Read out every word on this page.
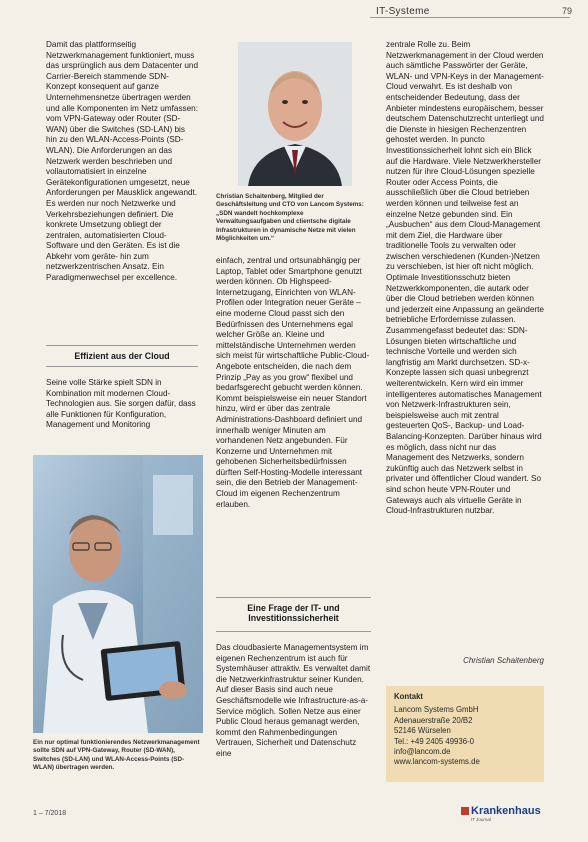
IT-Systeme	79

Damit das plattformseitig Netzwerkmanagement funktioniert, muss das ursprünglich aus dem Datacenter und Carrier-Bereich stammende SDN-Konzept konsequent auf ganze Unternehmensnetze übertragen werden und alle Komponenten im Netz umfassen: vom VPN-Gateway oder Router (SD-WAN) über die Switches (SD-LAN) bis hin zu den WLAN-Access-Points (SD-WLAN). Die Anforderungen an das Netzwerk werden beschrieben und vollautomatisiert in einzelne Gerätekonfigurationen umgesetzt, neue Anforderungen per Mausklick angewandt. Es werden nur noch Netzwerke und Verkehrsbeziehungen definiert. Die konkrete Umsetzung obliegt der zentralen, automatisierten Cloud-Software und den Geräten. Es ist die Abkehr vom geräte- hin zum netzwerkzentrischen Ansatz. Ein Paradigmenwechsel per excellence.

Effizient aus der Cloud

Seine volle Stärke spielt SDN in Kombination mit modernen Cloud-Technologien aus. Sie sorgen dafür, dass alle Funktionen für Konfiguration, Management und Monitoring

Ein nur optimal funktionierendes Netzwerkmanagement sollte SDN auf VPN-Gateway, Router (SD-WAN), Switches (SD-LAN) und WLAN-Access-Points (SD-WLAN) übertragen werden.
Christian Schaitenberg, Mitglied der Geschäftsleitung und CTO von Lancom Systems: „SDN wandelt hochkomplexe Verwaltungsaufgaben und clientsche digitale Infrastrukturen in dynamische Netze mit vielen Möglichkeiten um.“

einfach, zentral und ortsunabhängig per Laptop, Tablet oder Smartphone genutzt werden können. Ob Highspeed-Internetzugang, Einrichten von WLAN-Profilen oder Integration neuer Geräte – eine moderne Cloud passt sich den Bedürfnissen des Unternehmens egal welcher Größe an. Kleine und mittelständische Unternehmen werden sich meist für wirtschaftliche Public-Cloud-Angebote entscheiden, die nach dem Prinzip „Pay as you grow“ flexibel und bedarfsgerecht gebucht werden können. Kommt beispielsweise ein neuer Standort hinzu, wird er über das zentrale Administrations-Dashboard definiert und innerhalb weniger Minuten am vorhandenen Netz angebunden. Für Konzerne und Unternehmen mit gehobenen Sicherheitsbedürfnissen dürften Self-Hosting-Modelle interessant sein, die den Betrieb der Management-Cloud im eigenen Rechenzentrum erlauben.

Eine Frage der IT- und Investitionssicherheit

Das cloudbasierte Managementsystem im eigenen Rechenzentrum ist auch für Systemhäuser attraktiv. Es verwaltet damit die Netzwerkinfrastruktur seiner Kunden. Auf dieser Basis sind auch neue Geschäftsmodelle wie Infrastructure-as-a-Service möglich. Sollen Netze aus einer Public Cloud heraus gemanagt werden, kommt den Rahmenbedingungen Vertrauen, Sicherheit und Datenschutz eine

zentrale Rolle zu. Beim Netzwerkmanagement in der Cloud werden auch sämtliche Passwörter der Geräte, WLAN- und VPN-Keys in der Management-Cloud verwahrt. Es ist deshalb von entscheidender Bedeutung, dass der Anbieter mindestens europäischem, besser deutschem Datenschutzrecht unterliegt und die Dienste in hiesigen Rechenzentren gehostet werden. In puncto Investitionssicherheit lohnt sich ein Blick auf die Hardware. Viele Netzwerkhersteller nutzen für ihre Cloud-Lösungen spezielle Router oder Access Points, die ausschließlich über die Cloud betrieben werden können und teilweise fest an einzelne Netze gebunden sind. Ein „Ausbuchen“ aus dem Cloud-Management mit dem Ziel, die Hardware über traditionelle Tools zu verwalten oder zwischen verschiedenen (Kunden-)Netzen zu verschieben, ist hier oft nicht möglich. Optimale Investitionsschutz bieten Netzwerkkomponenten, die autark oder über die Cloud betrieben werden können und jederzeit eine Anpassung an geänderte betriebliche Erfordernisse zulassen. Zusammengefasst bedeutet das: SDN-Lösungen bieten wirtschaftliche und technische Vorteile und werden sich langfristig am Markt durchsetzen. SD-x-Konzepte lassen sich quasi unbegrenzt weiterentwickeln. Kern wird ein immer intelligenteres automatisches Management von Netzwerk-Infrastrukturen sein, beispielsweise auch mit zentral gesteuerten QoS-, Backup- und Load-Balancing-Konzepten. Darüber hinaus wird es möglich, dass nicht nur das Management des Netzwerks, sondern zukünftig auch das Netzwerk selbst in privater und öffentlicher Cloud wandert. So sind schon heute VPN-Router und Gateways auch als virtuelle Geräte in Cloud-Infrastrukturen nutzbar.

Christian Schaitenberg
Kontakt
Lancom Systems GmbH
Adenauerstraße 20/B2
52146 Würselen
Tel.: +49 2405 49936-0
info@lancom.de
www.lancom-systems.de
1 – 7/2018	Krankenhaus
IT Journal
